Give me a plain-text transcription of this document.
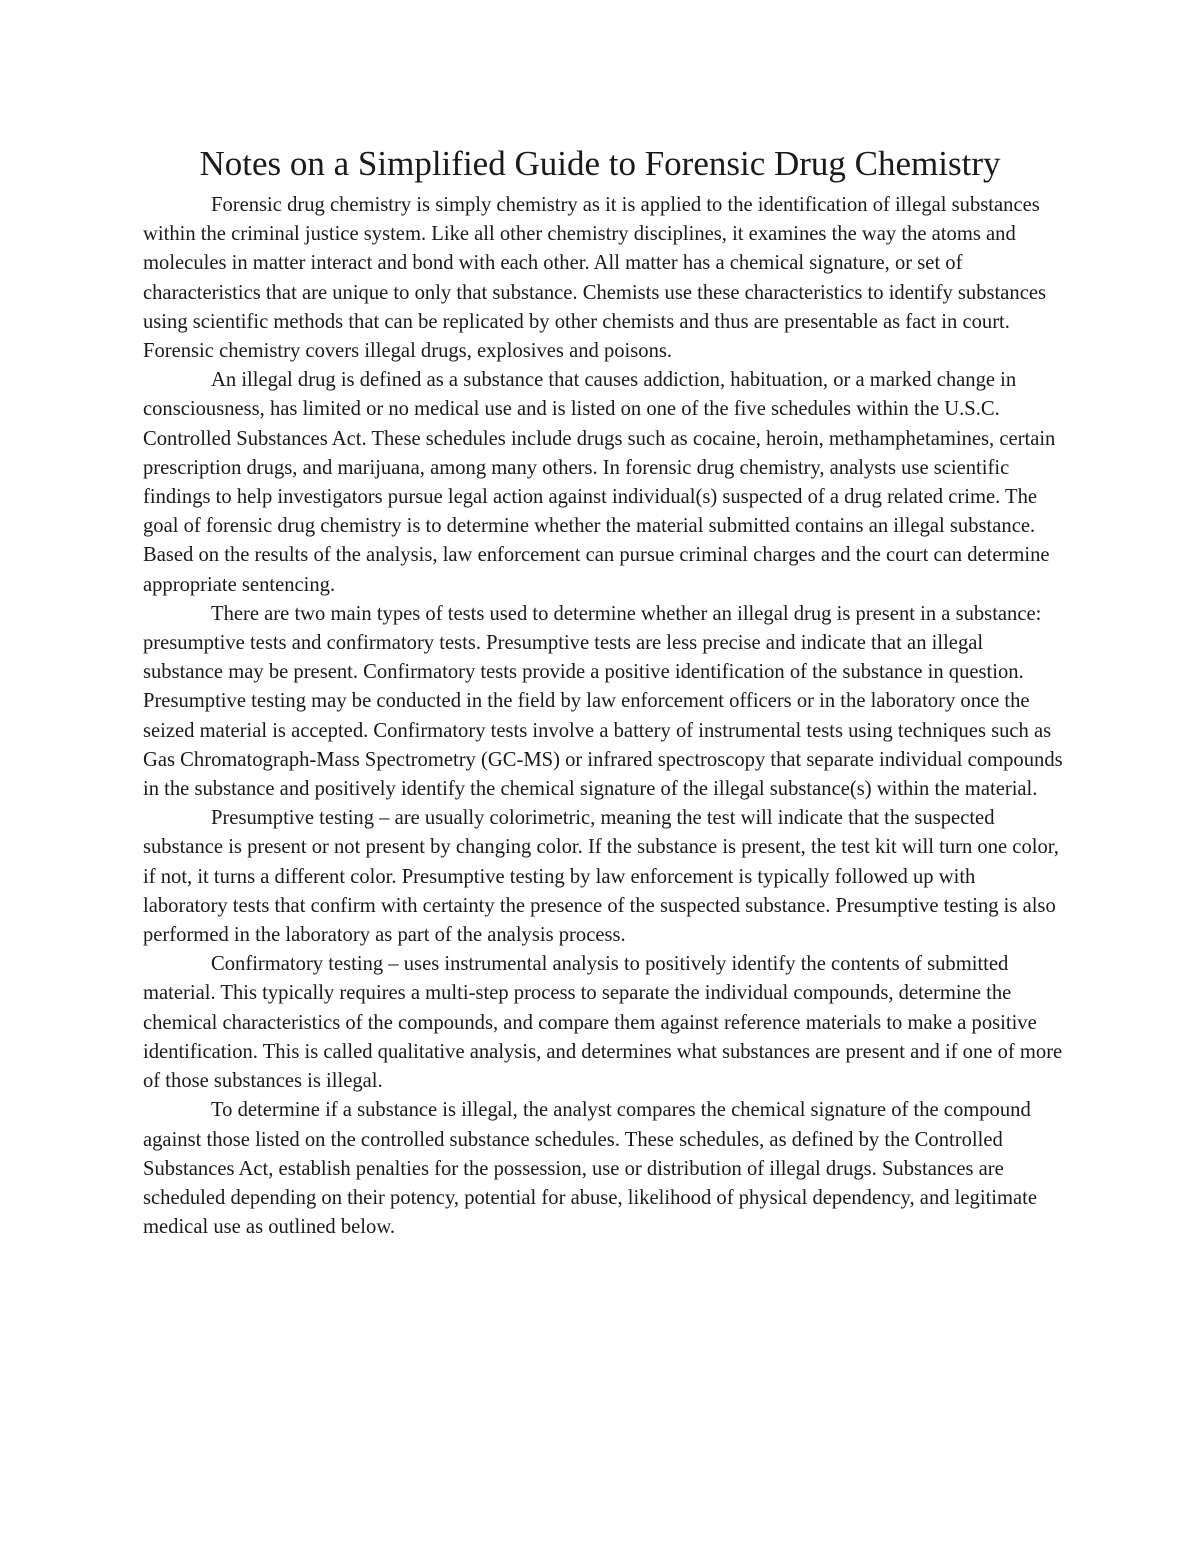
Notes on a Simplified Guide to Forensic Drug Chemistry

Forensic drug chemistry is simply chemistry as it is applied to the identification of illegal substances within the criminal justice system. Like all other chemistry disciplines, it examines the way the atoms and molecules in matter interact and bond with each other. All matter has a chemical signature, or set of characteristics that are unique to only that substance. Chemists use these characteristics to identify substances using scientific methods that can be replicated by other chemists and thus are presentable as fact in court. Forensic chemistry covers illegal drugs, explosives and poisons.

An illegal drug is defined as a substance that causes addiction, habituation, or a marked change in consciousness, has limited or no medical use and is listed on one of the five schedules within the U.S.C. Controlled Substances Act. These schedules include drugs such as cocaine, heroin, methamphetamines, certain prescription drugs, and marijuana, among many others. In forensic drug chemistry, analysts use scientific findings to help investigators pursue legal action against individual(s) suspected of a drug related crime. The goal of forensic drug chemistry is to determine whether the material submitted contains an illegal substance. Based on the results of the analysis, law enforcement can pursue criminal charges and the court can determine appropriate sentencing.

There are two main types of tests used to determine whether an illegal drug is present in a substance: presumptive tests and confirmatory tests. Presumptive tests are less precise and indicate that an illegal substance may be present. Confirmatory tests provide a positive identification of the substance in question. Presumptive testing may be conducted in the field by law enforcement officers or in the laboratory once the seized material is accepted. Confirmatory tests involve a battery of instrumental tests using techniques such as Gas Chromatograph-Mass Spectrometry (GC-MS) or infrared spectroscopy that separate individual compounds in the substance and positively identify the chemical signature of the illegal substance(s) within the material.

Presumptive testing – are usually colorimetric, meaning the test will indicate that the suspected substance is present or not present by changing color. If the substance is present, the test kit will turn one color, if not, it turns a different color. Presumptive testing by law enforcement is typically followed up with laboratory tests that confirm with certainty the presence of the suspected substance. Presumptive testing is also performed in the laboratory as part of the analysis process.

Confirmatory testing – uses instrumental analysis to positively identify the contents of submitted material. This typically requires a multi-step process to separate the individual compounds, determine the chemical characteristics of the compounds, and compare them against reference materials to make a positive identification. This is called qualitative analysis, and determines what substances are present and if one of more of those substances is illegal.

To determine if a substance is illegal, the analyst compares the chemical signature of the compound against those listed on the controlled substance schedules. These schedules, as defined by the Controlled Substances Act, establish penalties for the possession, use or distribution of illegal drugs. Substances are scheduled depending on their potency, potential for abuse, likelihood of physical dependency, and legitimate medical use as outlined below.
